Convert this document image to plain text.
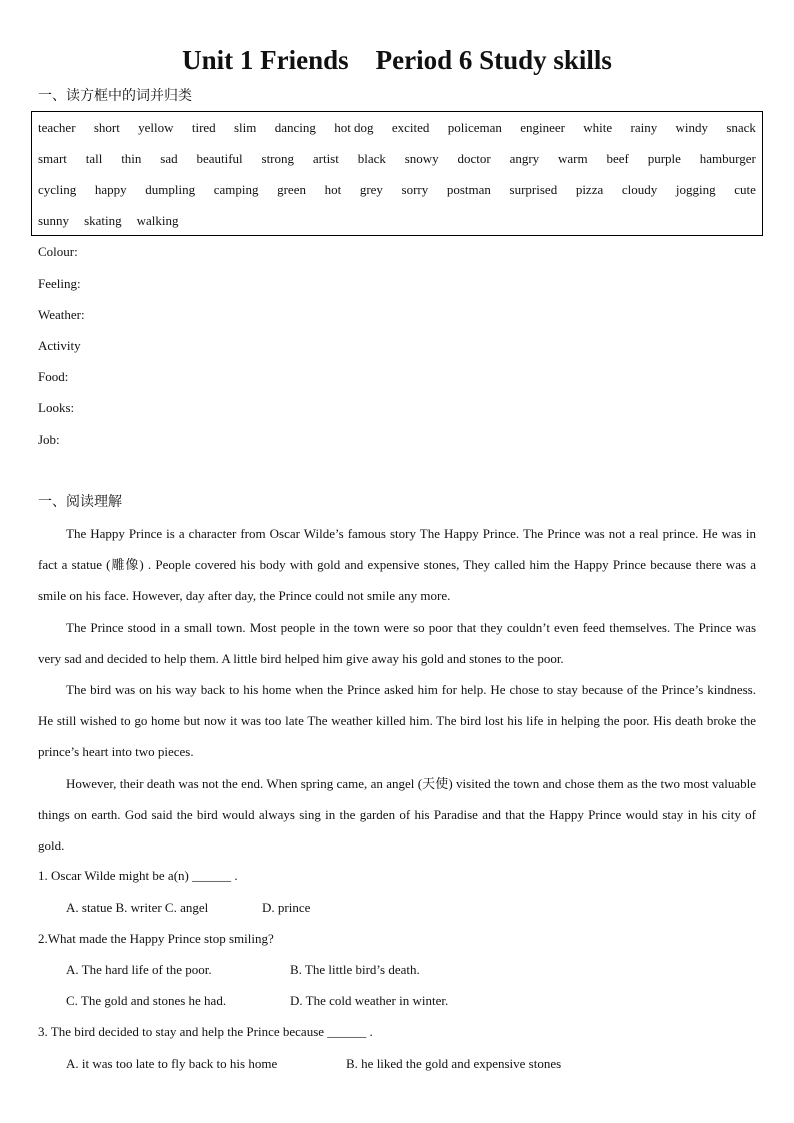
Unit 1 Friends    Period 6 Study skills
一、读方框中的词并归类
teacher short yellow tired slim dancing hot dog excited policeman engineer white rainy windy snack
smart tall thin sad beautiful strong artist black snowy doctor angry warm beef purple hamburger
cycling happy dumpling camping green hot grey sorry postman surprised pizza cloudy jogging cute
sunny skating walking
Colour:
Feeling:
Weather:
Activity
Food:
Looks:
Job:
一、阅读理解

The Happy Prince is a character from Oscar Wilde’s famous story The Happy Prince. The Prince was not a real prince. He was in fact a statue (雕像) . People covered his body with gold and expensive stones, They called him the Happy Prince because there was a smile on his face. However, day after day, the Prince could not smile any more.

The Prince stood in a small town. Most people in the town were so poor that they couldn’t even feed themselves. The Prince was very sad and decided to help them. A little bird helped him give away his gold and stones to the poor.

The bird was on his way back to his home when the Prince asked him for help. He chose to stay because of the Prince’s kindness. He still wished to go home but now it was too late The weather killed him. The bird lost his life in helping the poor. His death broke the prince’s heart into two pieces.

However, their death was not the end. When spring came, an angel (天使) visited the town and chose them as the two most valuable things on earth. God said the bird would always sing in the garden of his Paradise and that the Happy Prince would stay in his city of gold.

1. Oscar Wilde might be a(n) ______ .
A. statue B. writer C. angel	D. prince
2.What made the Happy Prince stop smiling?
A. The hard life of the poor.	B. The little bird’s death.
C. The gold and stones he had.	D. The cold weather in winter.
3. The bird decided to stay and help the Prince because ______ .
A. it was too late to fly back to his home	B. he liked the gold and expensive stones
